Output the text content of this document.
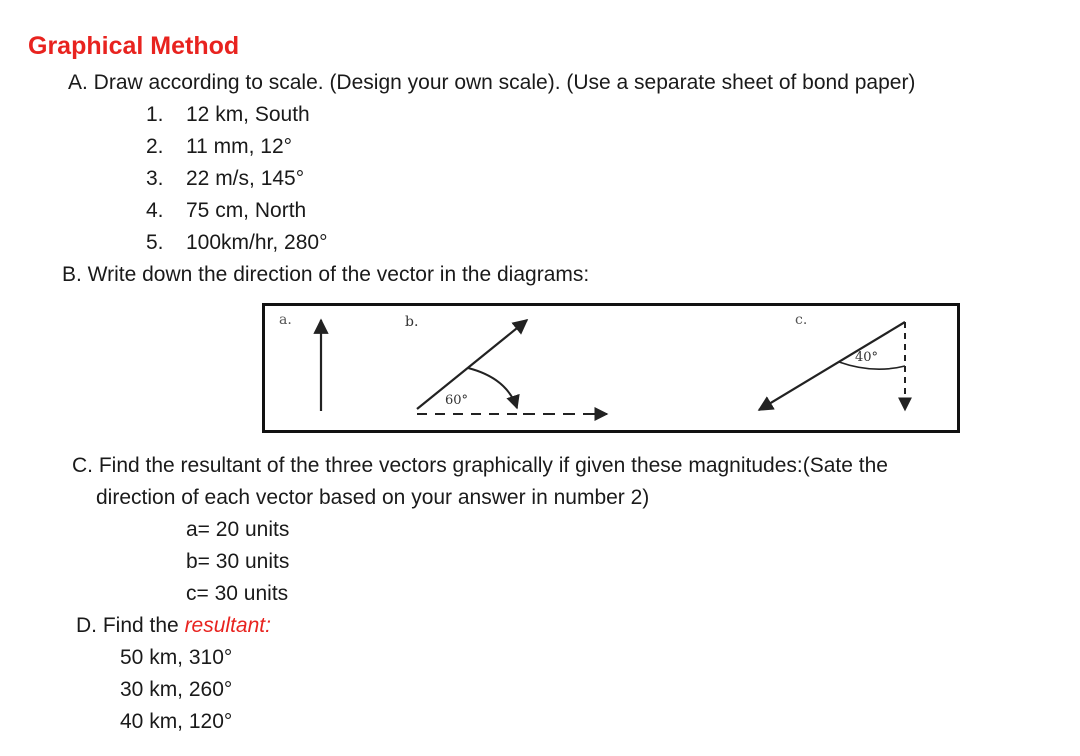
Graphical Method
A. Draw according to scale. (Design your own scale). (Use a separate sheet of bond paper)
1. 12 km, South
2. 11 mm, 12°
3. 22 m/s, 145°
4. 75 cm, North
5. 100km/hr, 280°
B. Write down the direction of the vector in the diagrams:
a.	b.
60°
c.
40°
C. Find the resultant of the three vectors graphically if given these magnitudes:(Sate the
direction of each vector based on your answer in number 2)
a= 20 units
b= 30 units
c= 30 units
D. Find the resultant:
50 km, 310°
30 km, 260°
40 km, 120°
